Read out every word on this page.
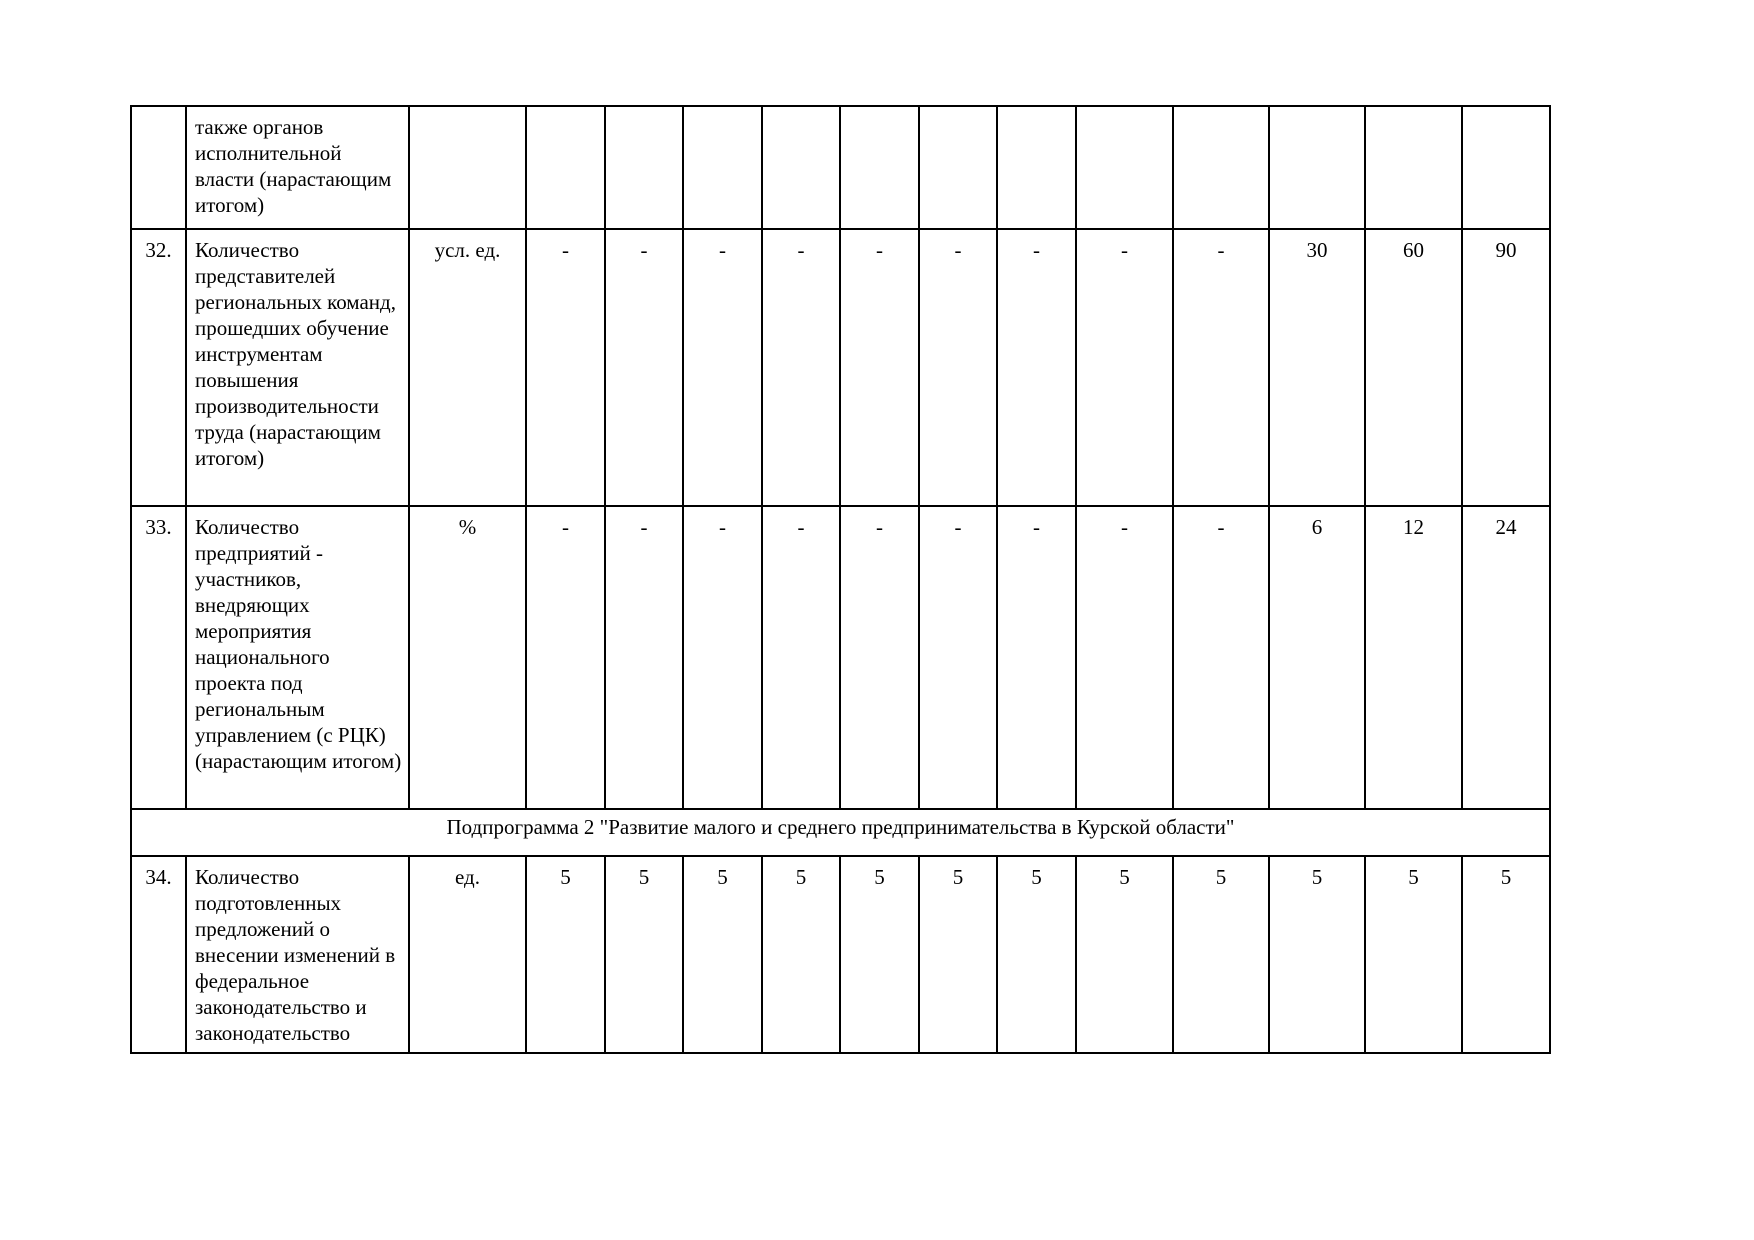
	также органов исполнительной власти (нарастающим итогом)													
32.	Количество представителей региональных команд, прошедших обучение инструментам повышения производительности труда (нарастающим итогом)	усл. ед.	-	-	-	-	-	-	-	-	-	30	60	90
33.	Количество предприятий - участников, внедряющих мероприятия национального проекта под региональным управлением (с РЦК) (нарастающим итогом)	%	-	-	-	-	-	-	-	-	-	6	12	24
Подпрограмма 2 "Развитие малого и среднего предпринимательства в Курской области"														
34.	Количество подготовленных предложений о внесении изменений в федеральное законодательство и законодательство	ед.	5	5	5	5	5	5	5	5	5	5	5	5
